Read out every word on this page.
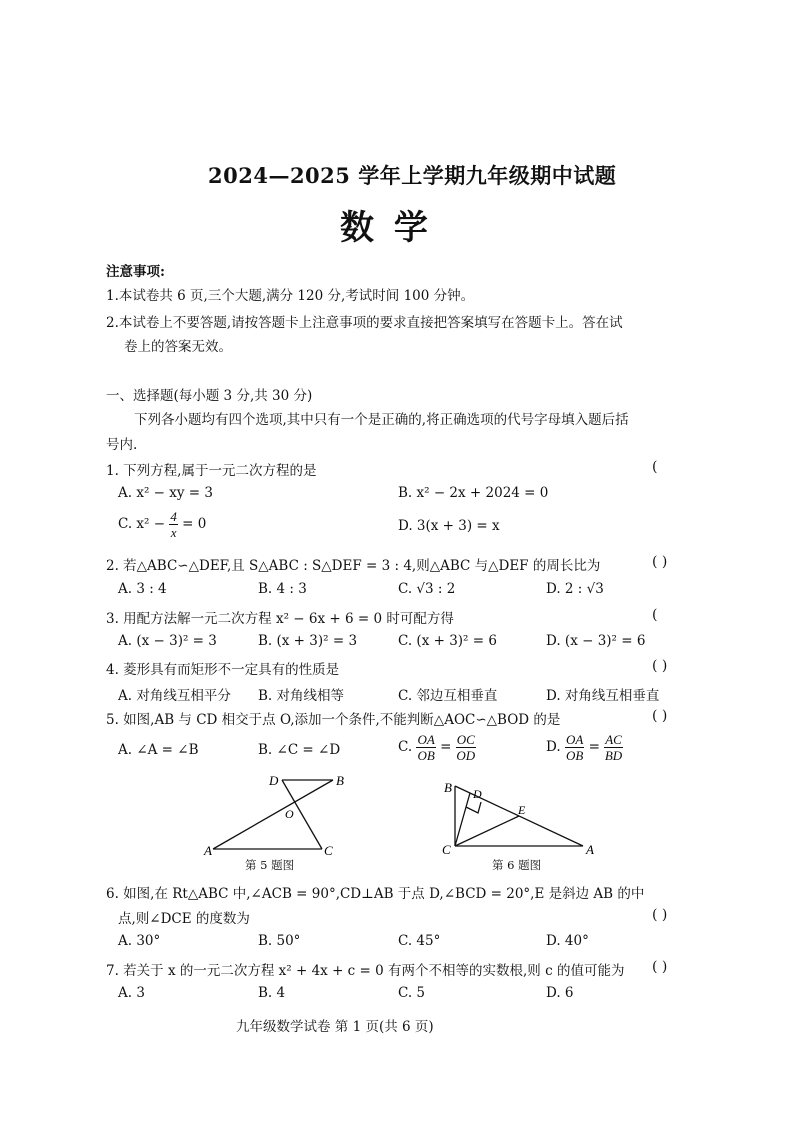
2024—2025 学年上学期九年级期中试题
数 学
注意事项:
1.本试卷共 6 页,三个大题,满分 120 分,考试时间 100 分钟。
2.本试卷上不要答题,请按答题卡上注意事项的要求直接把答案填写在答题卡上。答在试
卷上的答案无效。
一、选择题(每小题 3 分,共 30 分)
下列各小题均有四个选项,其中只有一个是正确的,将正确选项的代号字母填入题后括
号内.
1. 下列方程,属于一元二次方程的是	(
A. x² − xy = 3	B. x² − 2x + 2024 = 0
C. $x^2 - \frac{4}{x} = 0$	D. 3(x + 3) = x
2. 若△ABC∽△DEF,且 S△ABC : S△DEF = 3 : 4,则△ABC 与△DEF 的周长比为	( )
A. 3 : 4	B. 4 : 3	C. √3 : 2	D. 2 : √3
3. 用配方法解一元二次方程 x² − 6x + 6 = 0 时可配方得	(
A. (x − 3)² = 3	B. (x + 3)² = 3	C. (x + 3)² = 6	D. (x − 3)² = 6
4. 菱形具有而矩形不一定具有的性质是	( )
A. 对角线互相平分 B. 对角线相等	C. 邻边互相垂直	D. 对角线互相垂直
5. 如图,AB 与 CD 相交于点 O,添加一个条件,不能判断△AOC∽△BOD 的是	( )
A. ∠A = ∠B	B. ∠C = ∠D	C. $\frac{OA}{OB} = \frac{OC}{OD}$	D. $\frac{OA}{OB} = \frac{AC}{BD}$
A
B
C
D
O
第 5 题图
B D
E
C	A
第 6 题图
6. 如图,在 Rt△ABC 中,∠ACB = 90°,CD⊥AB 于点 D,∠BCD = 20°,E 是斜边 AB 的中
点,则∠DCE 的度数为	( )
A. 30°	B. 50°	C. 45°	D. 40°
7. 若关于 x 的一元二次方程 x² + 4x + c = 0 有两个不相等的实数根,则 c 的值可能为 ( )
A. 3	B. 4	C. 5	D. 6
九年级数学试卷 第 1 页(共 6 页)
